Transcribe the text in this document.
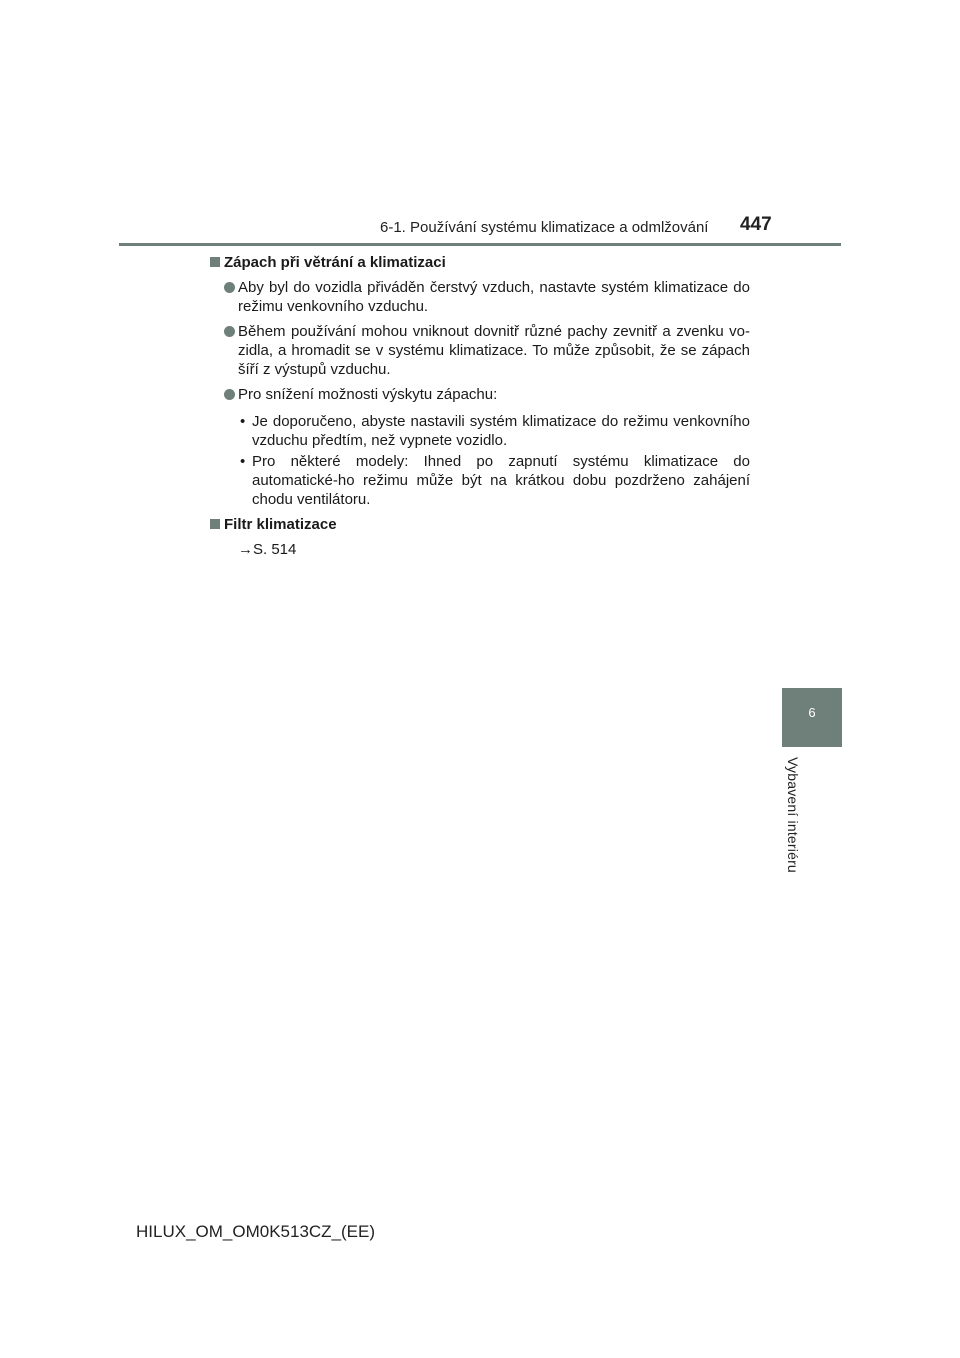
6-1. Používání systému klimatizace a odmlžování 447
6
Vybavení interiéru
Zápach při větrání a klimatizaci
Aby byl do vozidla přiváděn čerstvý vzduch, nastavte systém klimatizace do režimu venkovního vzduchu.
Během používání mohou vniknout dovnitř různé pachy zevnitř a zvenku vo-zidla, a hromadit se v systému klimatizace. To může způsobit, že se zápach šíří z výstupů vzduchu.
Pro snížení možnosti výskytu zápachu:
• Je doporučeno, abyste nastavili systém klimatizace do režimu venkovního vzduchu předtím, než vypnete vozidlo.
• Pro některé modely: Ihned po zapnutí systému klimatizace do automatické-ho režimu může být na krátkou dobu pozdrženo zahájení chodu ventilátoru.
Filtr klimatizace
→S. 514
HILUX_OM_OM0K513CZ_(EE)
